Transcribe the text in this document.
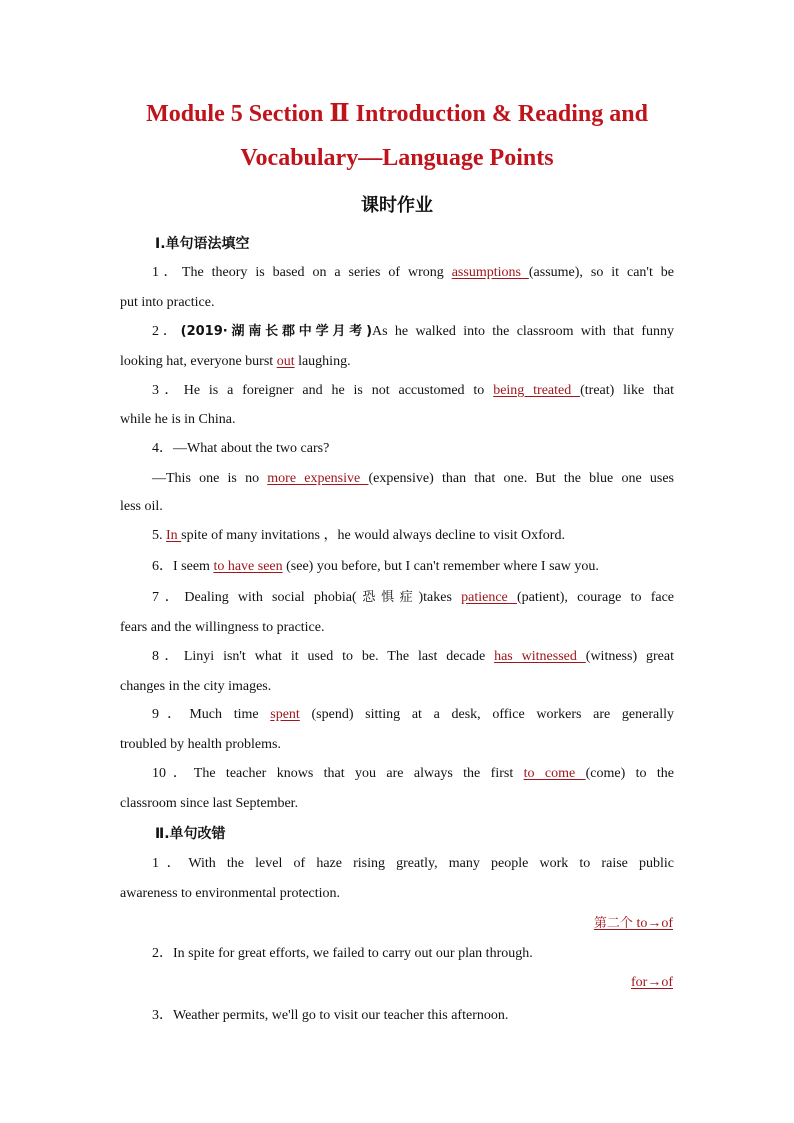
Module 5 Section Ⅱ Introduction & Reading and
Vocabulary—Language Points
课时作业
Ⅰ.单句语法填空
1．The theory is based on a series of wrong assumptions (assume), so it can't be
put into practice.
2．(2019·湖南长郡中学月考)As he walked into the classroom with that funny
looking hat, everyone burst out laughing.
3．He is a foreigner and he is not accustomed to being treated (treat) like that
while he is in China.
4．—What about the two cars?
—This one is no more expensive (expensive) than that one. But the blue one uses
less oil.
5. In spite of many invitations ，he would always decline to visit Oxford.
6．I seem to have seen (see) you before, but I can't remember where I saw you.
7．Dealing with social phobia(恐惧症)takes patience (patient), courage to face
fears and the willingness to practice.
8．Linyi isn't what it used to be. The last decade has witnessed (witness) great
changes in the city images.
9．Much time spent (spend) sitting at a desk, office workers are generally
troubled by health problems.
10．The teacher knows that you are always the first to come (come) to the
classroom since last September.
Ⅱ.单句改错
1．With the level of haze rising greatly, many people work to raise public
awareness to environmental protection.
第二个 to→of
2．In spite for great efforts, we failed to carry out our plan through.
for→of
3．Weather permits, we'll go to visit our teacher this afternoon.
